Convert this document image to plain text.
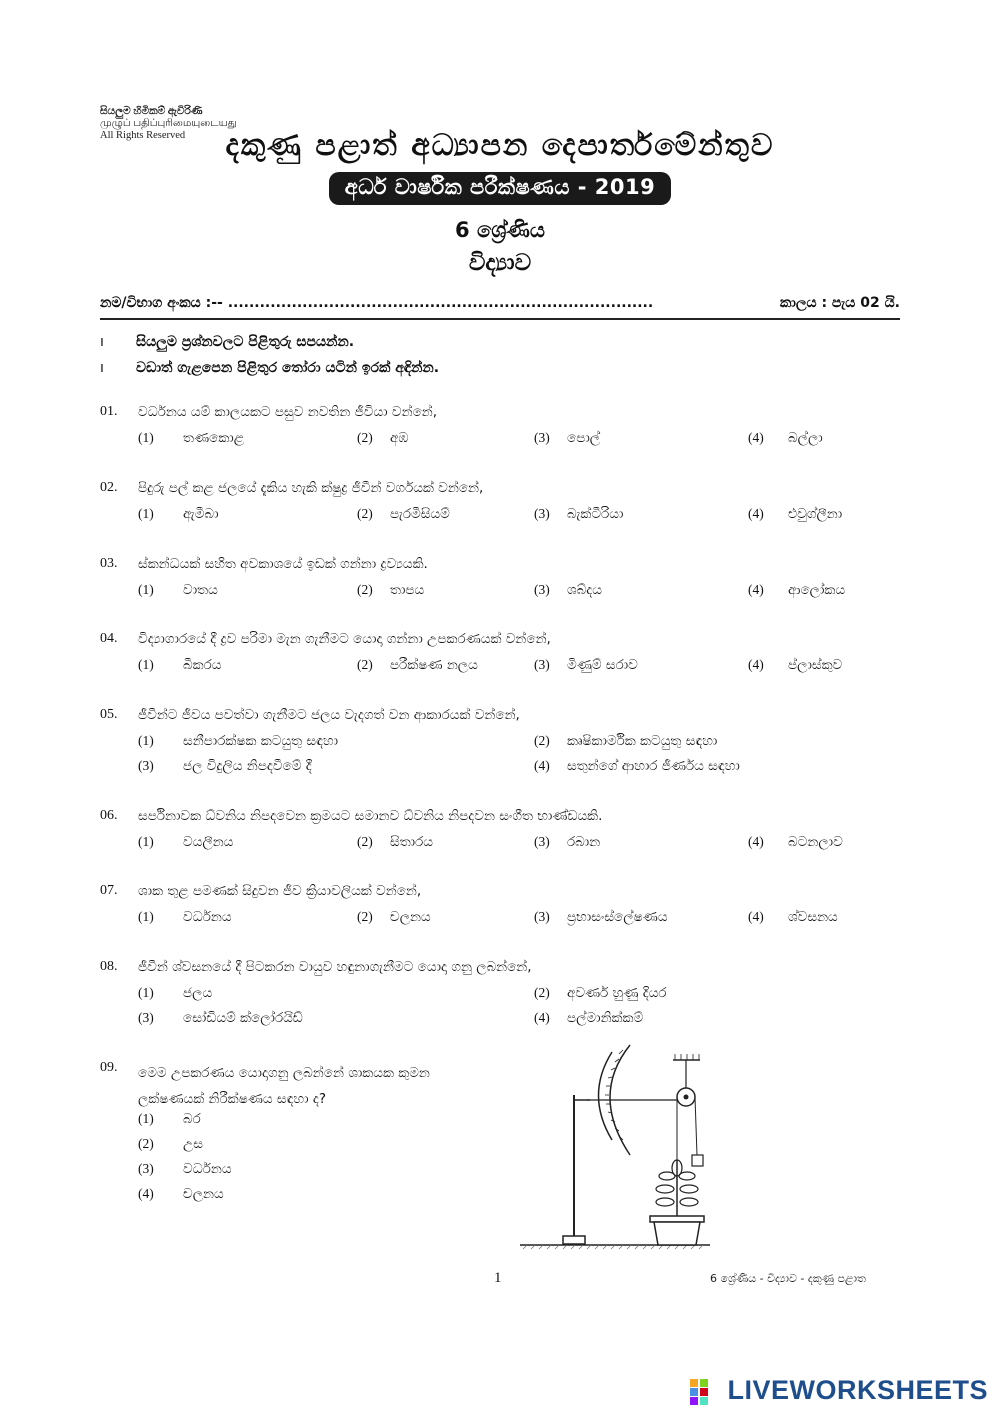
සියලුම හිමිකම් ඇවිරිණි
முழுப் பதிப்புரிமையுடையது
All Rights Reserved	දකුණු පළාත් අධ්‍යාපන දෙපාර්තමේන්තුව
අර්ධ වාර්ෂික පරීක්ෂණය - 2019
6 ශ්‍රේණිය
විද්‍යාව
නම/විභාග අංකය :-- ................................................................................	කාලය : පැය 02 යි.
ı සියලුම ප්‍රශ්නවලට පිළිතුරු සපයන්න.
ı වඩාත් ගැළපෙන පිළිතුර තෝරා යටින් ඉරක් අඳින්න.
01. වර්ධනය යම් කාලයකට පසුව නවතින ජීවියා වන්නේ,
(1) තණකොළ	(2) අඹ	(3) පොල්	(4) බල්ලා
02. පිදුරු පල් කළ ජලයේ දැකිය හැකි ක්ෂුද්‍ර ජීවීන් වර්ගයක් වන්නේ,
(1) ඇමීබා	(2) පැරමීසියම්	(3) බැක්ටීරියා	(4) එවුග්ලීනා
03. ස්කන්ධයක් සහිත අවකාශයේ ඉඩක් ගන්නා ද්‍රව්‍යයකි.
(1) වාතය	(2) තාපය	(3) ශබ්දය	(4) ආලෝකය
04. විද්‍යාගාරයේ දී ද්‍රව පරිමා මැන ගැනීමට යොදා ගන්නා උපකරණයක් වන්නේ,
(1) බීකරය	(2) පරීක්ෂණ නලය	(3) මිණුම් සරාව	(4) ප්ලාස්කුව
05. ජීවීන්ට ජීවය පවත්වා ගැනීමට ජලය වැදගත් වන ආකාරයක් වන්නේ,
(1) සනීපාරක්ෂක කටයුතු සඳහා	(2) කෘෂිකාර්මික කටයුතු සඳහා
(3) ජල විදුලිය නිපදවීමේ දී	(4) සතුන්ගේ ආහාර ජීර්ණය සඳහා
06. සර්පිනාවක ධ්වනිය නිපදවෙන ක්‍රමයට සමානව ධ්වනිය නිපදවන සංගීත භාණ්ඩයකි.
(1) වයලීනය	(2) සිතාරය	(3) රබාන	(4) බටනලාව
07. ශාක තුළ පමණක් සිදුවන ජීව ක්‍රියාවලියක් වන්නේ,
(1) වර්ධනය	(2) චලනය	(3) ප්‍රභාසංස්ලේෂණය	(4) ශ්වසනය
08. ජීවීන් ශ්වසනයේ දී පිටකරන වායුව හඳුනාගැනීමට යොදා ගනු ලබන්නේ,
(1) ජලය	(2) අවර්ණ හුණු දියර
(3) සෝඩියම් ක්ලෝරයිඩ්	(4) පල්මානික්කම්
09. මෙම උපකරණය යොදාගනු ලබන්නේ ශාකයක කුමන ලක්ෂණයක් නිරීක්ෂණය සඳහා ද?
(1) බර
(2) උස
(3) වර්ධනය
(4) චලනය
1	6 ශ්‍රේණිය - විද්‍යාව - දකුණු පළාත
LIVEWORKSHEETS
